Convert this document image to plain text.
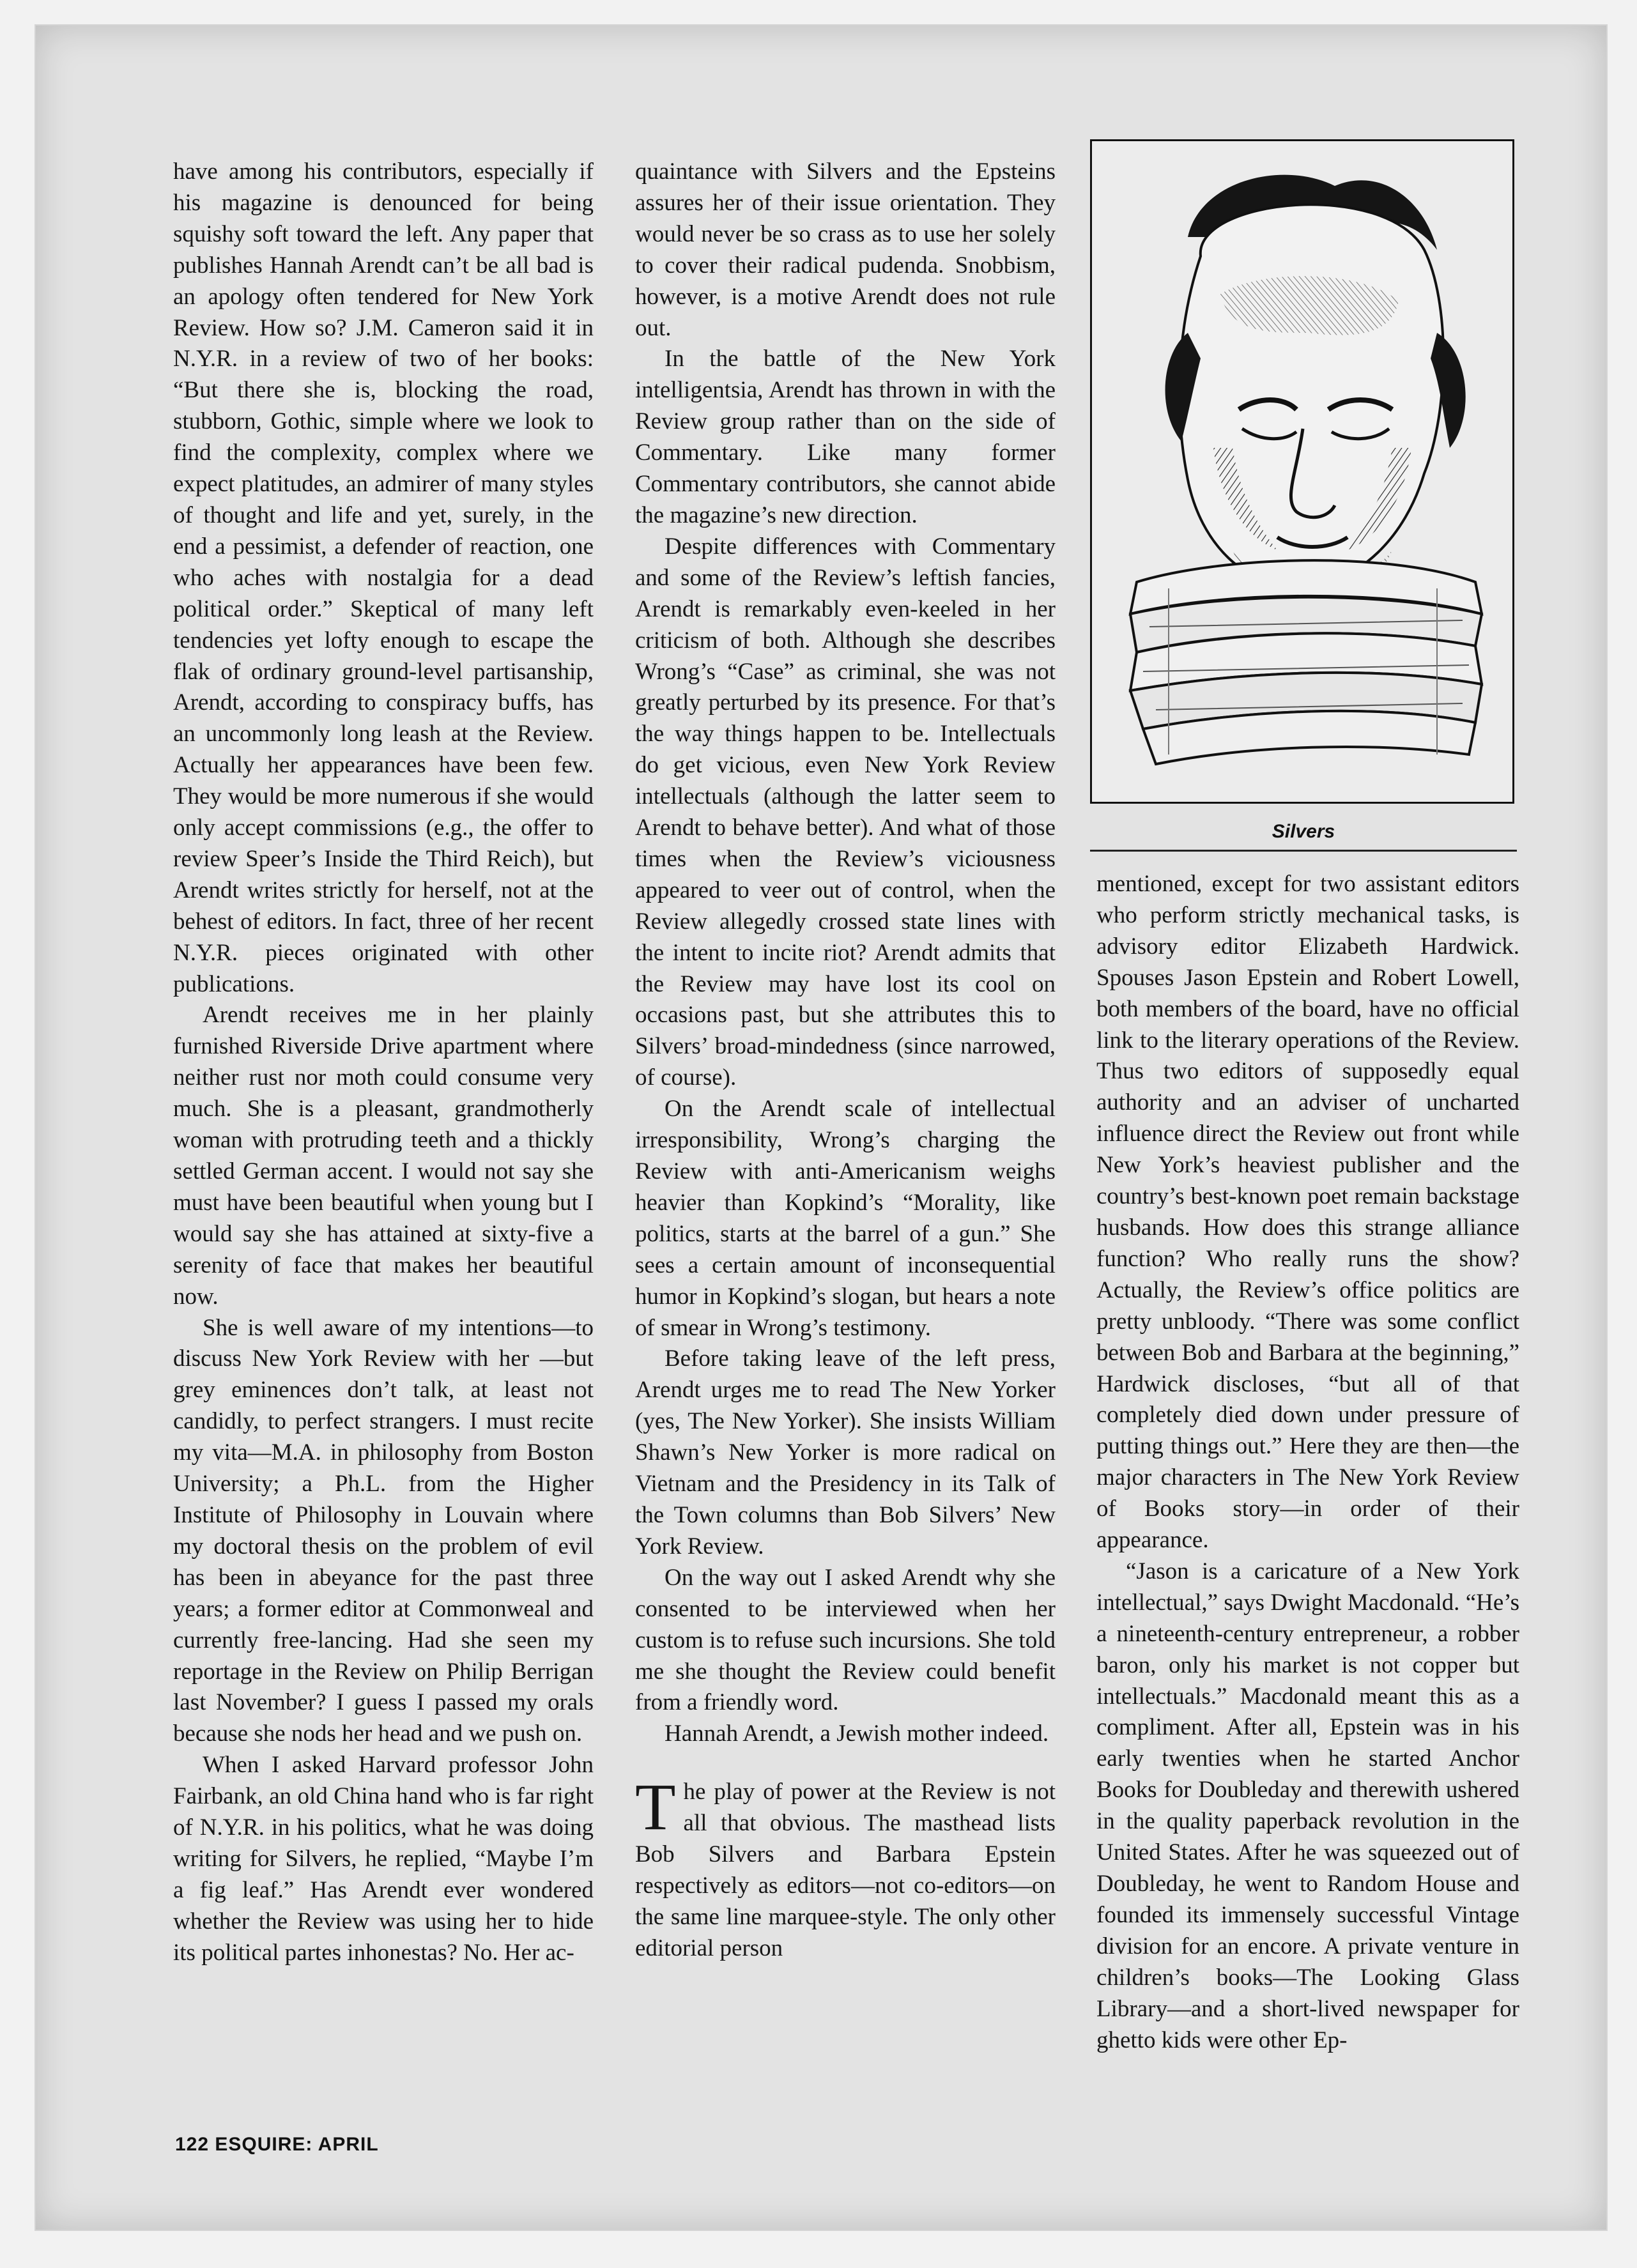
have among his contributors, especially if his magazine is denounced for being squishy soft toward the left. Any paper that publishes Hannah Arendt can’t be all bad is an apology often tendered for New York Review. How so? J.M. Cameron said it in N.Y.R. in a review of two of her books: “But there she is, blocking the road, stubborn, Gothic, simple where we look to find the complexity, complex where we expect platitudes, an admirer of many styles of thought and life and yet, surely, in the end a pessimist, a defender of reaction, one who aches with nostalgia for a dead political order.” Skeptical of many left tendencies yet lofty enough to escape the flak of ordinary ground-level partisanship, Arendt, according to conspiracy buffs, has an uncommonly long leash at the Review. Actually her appearances have been few. They would be more numerous if she would only accept commissions (e.g., the offer to review Speer’s Inside the Third Reich), but Arendt writes strictly for herself, not at the behest of editors. In fact, three of her recent N.Y.R. pieces originated with other publications.

Arendt receives me in her plainly furnished Riverside Drive apartment where neither rust nor moth could consume very much. She is a pleasant, grandmotherly woman with protruding teeth and a thickly settled German accent. I would not say she must have been beautiful when young but I would say she has attained at sixty-five a serenity of face that makes her beautiful now.

She is well aware of my intentions—to discuss New York Review with her —but grey eminences don’t talk, at least not candidly, to perfect strangers. I must recite my vita—M.A. in philosophy from Boston University; a Ph.L. from the Higher Institute of Philosophy in Louvain where my doctoral thesis on the problem of evil has been in abeyance for the past three years; a former editor at Commonweal and currently free-lancing. Had she seen my reportage in the Review on Philip Berrigan last November? I guess I passed my orals because she nods her head and we push on.

When I asked Harvard professor John Fairbank, an old China hand who is far right of N.Y.R. in his politics, what he was doing writing for Silvers, he replied, “Maybe I’m a fig leaf.” Has Arendt ever wondered whether the Review was using her to hide its political partes inhonestas? No. Her ac-

quaintance with Silvers and the Epsteins assures her of their issue orientation. They would never be so crass as to use her solely to cover their radical pudenda. Snobbism, however, is a motive Arendt does not rule out.

In the battle of the New York intelligentsia, Arendt has thrown in with the Review group rather than on the side of Commentary. Like many former Commentary contributors, she cannot abide the magazine’s new direction.

Despite differences with Commentary and some of the Review’s leftish fancies, Arendt is remarkably even-keeled in her criticism of both. Although she describes Wrong’s “Case” as criminal, she was not greatly perturbed by its presence. For that’s the way things happen to be. Intellectuals do get vicious, even New York Review intellectuals (although the latter seem to Arendt to behave better). And what of those times when the Review’s viciousness appeared to veer out of control, when the Review allegedly crossed state lines with the intent to incite riot? Arendt admits that the Review may have lost its cool on occasions past, but she attributes this to Silvers’ broad-mindedness (since narrowed, of course).

On the Arendt scale of intellectual irresponsibility, Wrong’s charging the Review with anti-Americanism weighs heavier than Kopkind’s “Morality, like politics, starts at the barrel of a gun.” She sees a certain amount of inconsequential humor in Kopkind’s slogan, but hears a note of smear in Wrong’s testimony.

Before taking leave of the left press, Arendt urges me to read The New Yorker (yes, The New Yorker). She insists William Shawn’s New Yorker is more radical on Vietnam and the Presidency in its Talk of the Town columns than Bob Silvers’ New York Review.

On the way out I asked Arendt why she consented to be interviewed when her custom is to refuse such incursions. She told me she thought the Review could benefit from a friendly word.

Hannah Arendt, a Jewish mother indeed.

The play of power at the Review is not all that obvious. The masthead lists Bob Silvers and Barbara Epstein respectively as editors—not co-editors—on the same line marquee-style. The only other editorial person

Silvers

mentioned, except for two assistant editors who perform strictly mechanical tasks, is advisory editor Elizabeth Hardwick. Spouses Jason Epstein and Robert Lowell, both members of the board, have no official link to the literary operations of the Review. Thus two editors of supposedly equal authority and an adviser of uncharted influence direct the Review out front while New York’s heaviest publisher and the country’s best-known poet remain backstage husbands. How does this strange alliance function? Who really runs the show? Actually, the Review’s office politics are pretty unbloody. “There was some conflict between Bob and Barbara at the beginning,” Hardwick discloses, “but all of that completely died down under pressure of putting things out.” Here they are then—the major characters in The New York Review of Books story—in order of their appearance.

“Jason is a caricature of a New York intellectual,” says Dwight Macdonald. “He’s a nineteenth-century entrepreneur, a robber baron, only his market is not copper but intellectuals.” Macdonald meant this as a compliment. After all, Epstein was in his early twenties when he started Anchor Books for Doubleday and therewith ushered in the quality paperback revolution in the United States. After he was squeezed out of Doubleday, he went to Random House and founded its immensely successful Vintage division for an encore. A private venture in children’s books—The Looking Glass Library—and a short-lived newspaper for ghetto kids were other Ep-

122 ESQUIRE: APRIL
